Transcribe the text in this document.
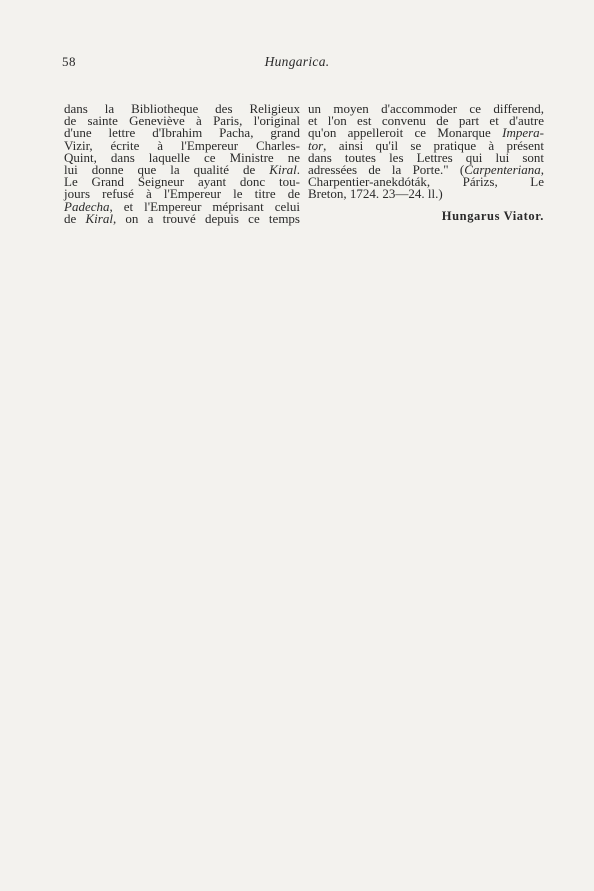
58	Hungarica.
dans la Bibliotheque des Religieux
de sainte Geneviève à Paris, l'original
d'une lettre d'Ibrahim Pacha, grand
Vizir, écrite à l'Empereur Charles-
Quint, dans laquelle ce Ministre ne
lui donne que la qualité de Kiral.
Le Grand Seigneur ayant donc tou-
jours refusé à l'Empereur le titre de
Padecha, et l'Empereur méprisant celui
de Kiral, on a trouvé depuis ce temps
un moyen d'accommoder ce differend,
et l'on est convenu de part et d'autre
qu'on appelleroit ce Monarque Impera-
tor, ainsi qu'il se pratique à présent
dans toutes les Lettres qui lui sont
adressées de la Porte." (Carpenteriana,
Charpentier-anekdóták, Párizs, Le
Breton, 1724. 23—24. ll.)
Hungarus Viator.
